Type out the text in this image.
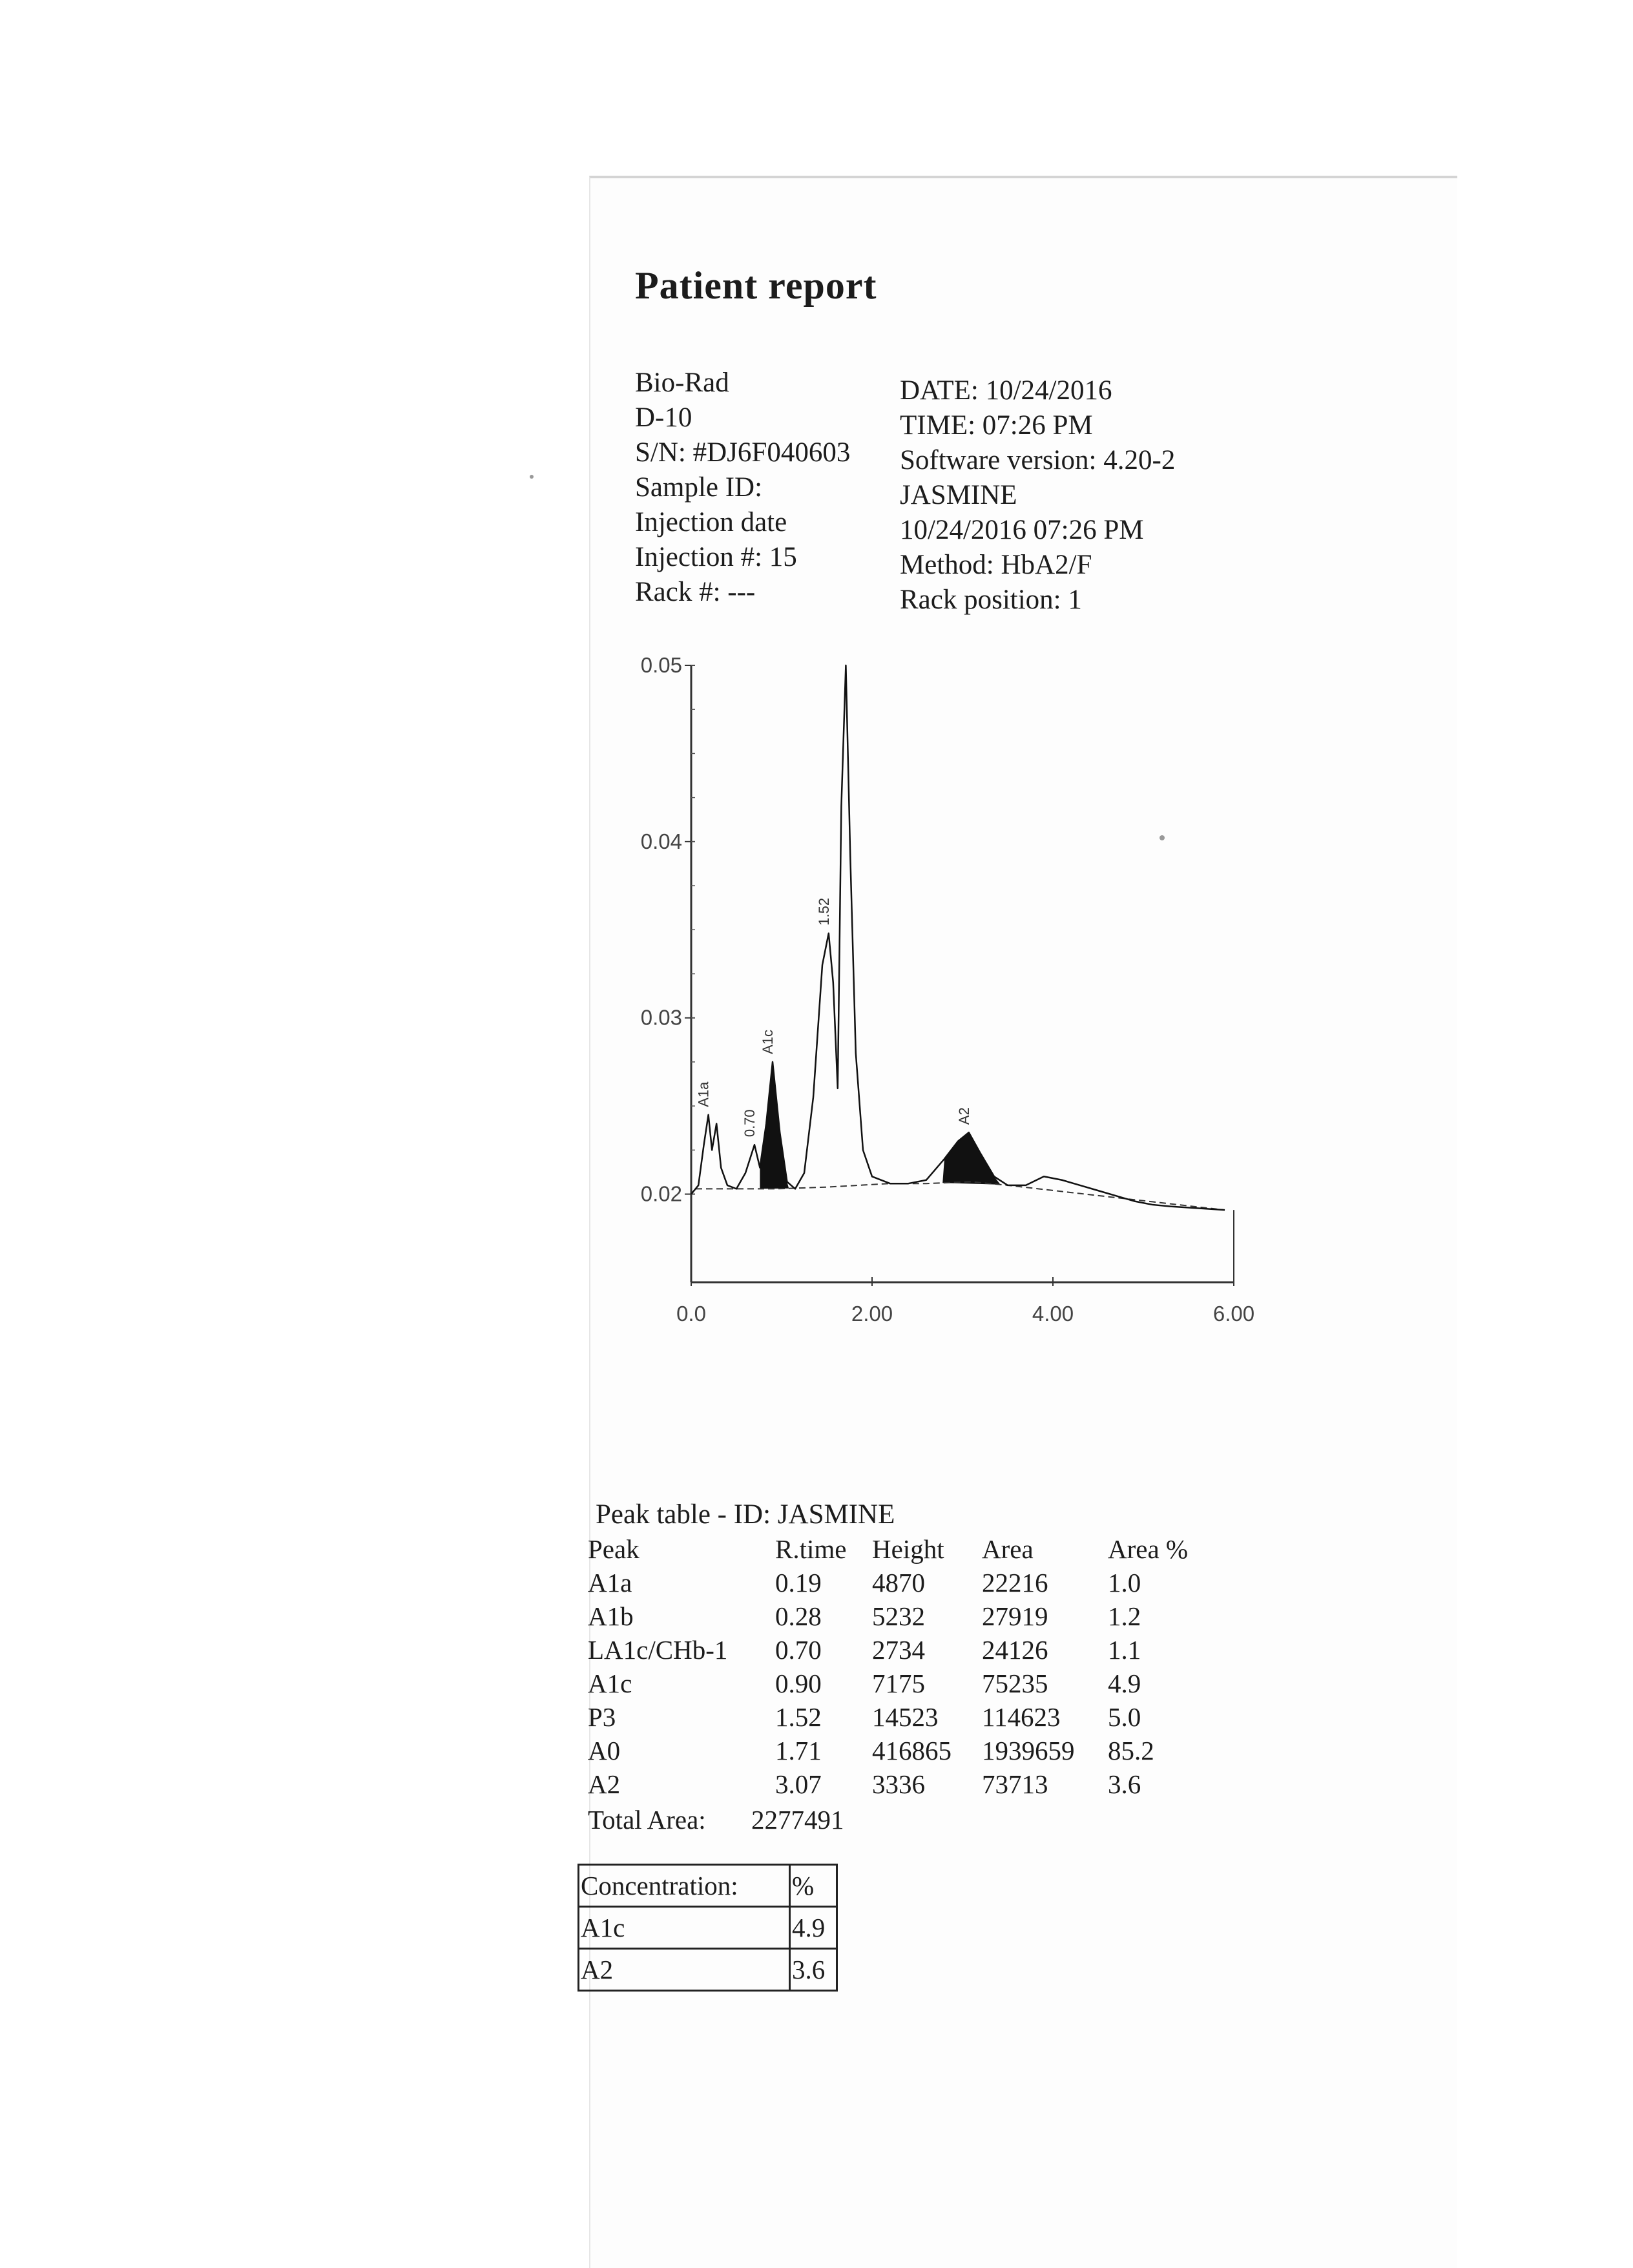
Patient report
Bio-Rad
D-10
S/N: #DJ6F040603
Sample ID:
Injection date
Injection #: 15
Rack #: ---
DATE: 10/24/2016
TIME: 07:26 PM
Software version: 4.20-2
JASMINE
10/24/2016 07:26 PM
Method: HbA2/F
Rack position: 1
0.05
0.04
0.03
0.02
0.0	2.00	4.00	6.00
A1a
0.70
A1c
1.52
A2
Peak table - ID: JASMINE
Peak	R.time	Height	Area	Area %
A1a	0.19	4870	22216	1.0
A1b	0.28	5232	27919	1.2
LA1c/CHb-1	0.70	2734	24126	1.1
A1c	0.90	7175	75235	4.9
P3	1.52	14523	114623	5.0
A0	1.71	416865	1939659	85.2
A2	3.07	3336	73713	3.6
Total Area: 2277491
Concentration:	%
A1c	4.9
A2	3.6
